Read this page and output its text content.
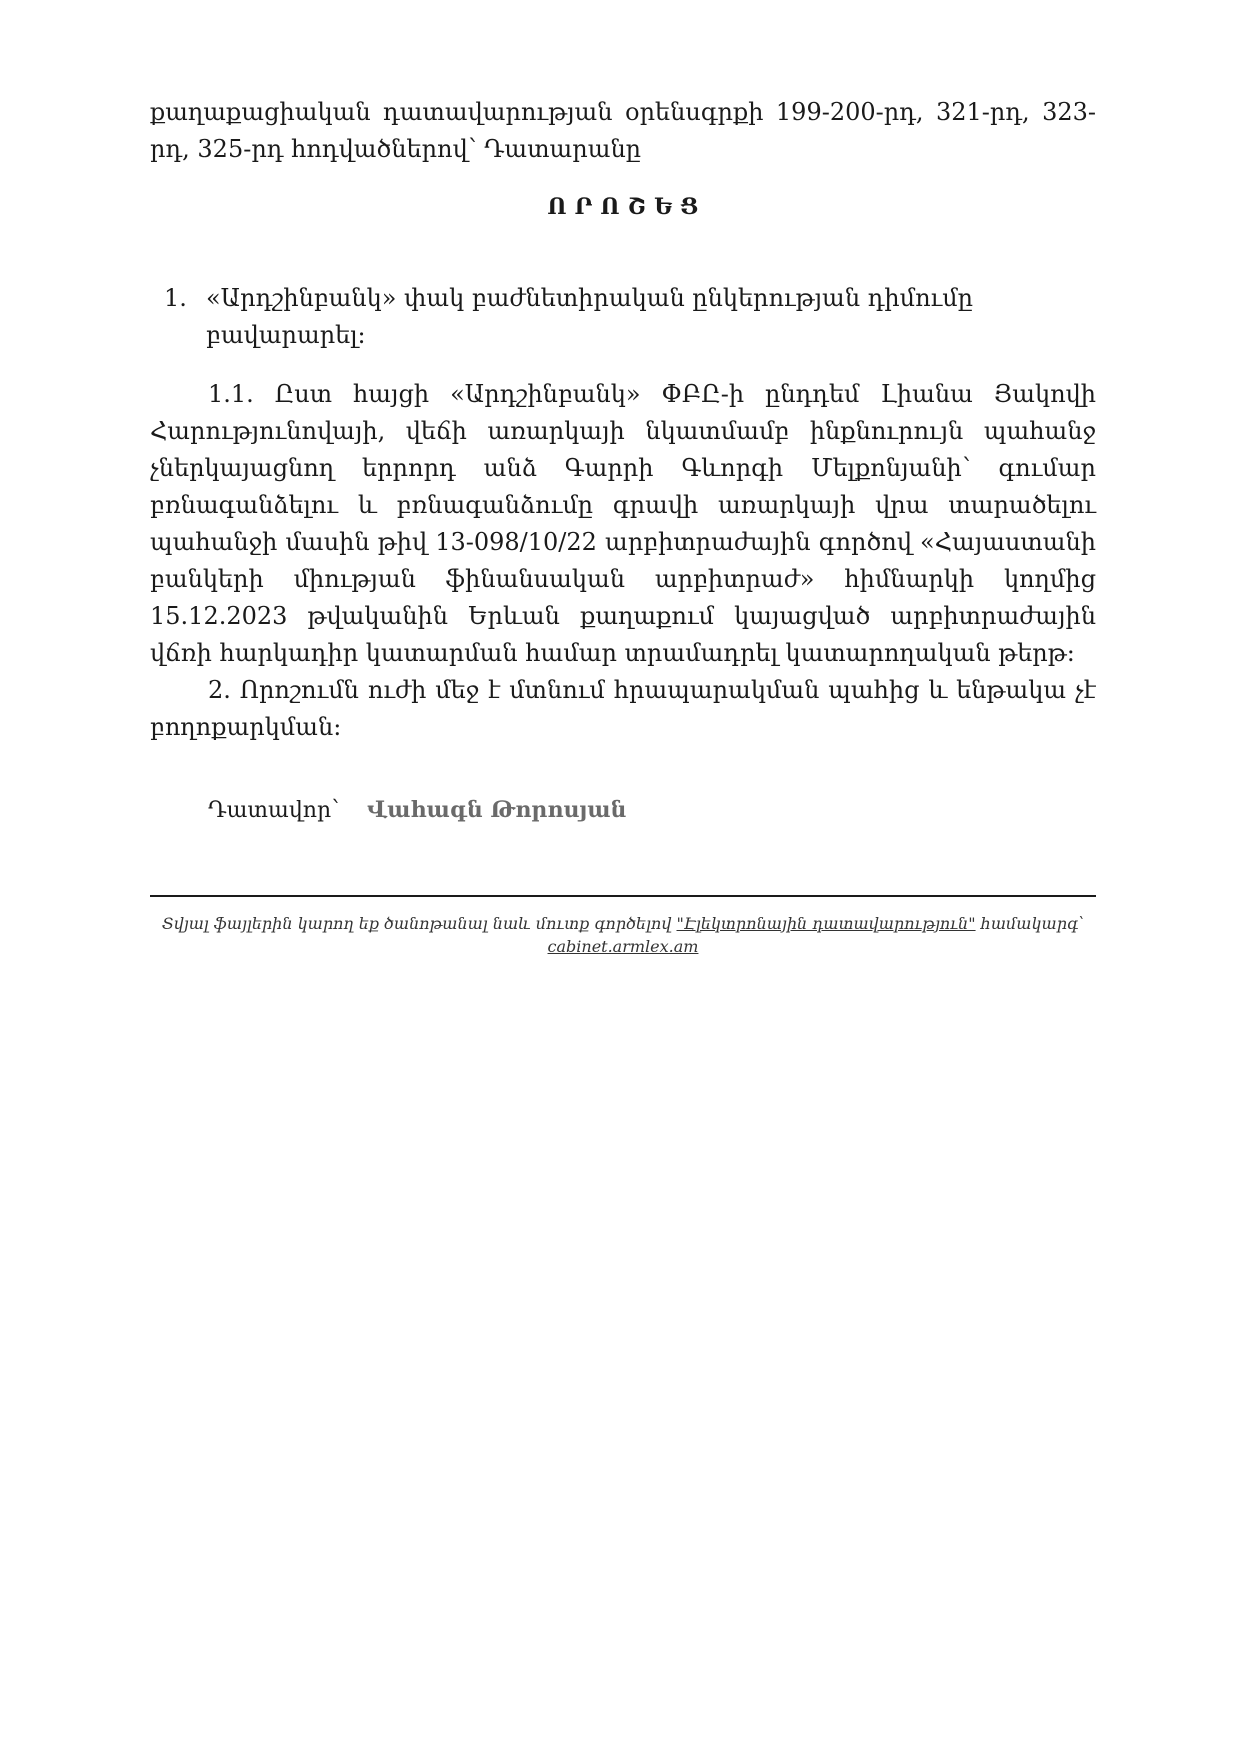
քաղաքացիական դատավարության օրենսգրքի 199-200-րդ, 321-րդ, 323-րդ, 325-րդ հոդվածներով՝ Դատարանը

ՈՐՈՇԵՑ
1. «Արդշինբանկ» փակ բաժնետիրական ընկերության դիմումը բավարարել:

1.1. Ըստ հայցի «Արդշինբանկ» ՓԲԸ-ի ընդդեմ Լիանա Յակովի Հարությունովայի, վեճի առարկայի նկատմամբ ինքնուրույն պահանջ չներկայացնող երրորդ անձ Գարրի Գևորգի Մելքոնյանի՝ գումար բռնագանձելու և բռնագանձումը գրավի առարկայի վրա տարածելու պահանջի մասին թիվ 13-098/10/22 արբիտրաժային գործով «Հայաստանի բանկերի միության ֆինանսական արբիտրաժ» հիմնարկի կողմից 15.12.2023 թվականին Երևան քաղաքում կայացված արբիտրաժային վճռի հարկադիր կատարման համար տրամադրել կատարողական թերթ:

2. Որոշումն ուժի մեջ է մտնում հրապարակման պահից և ենթակա չէ բողոքարկման:

Դատավոր՝ Վահագն Թորոսյան
Տվյալ ֆայլերին կարող եք ծանոթանալ նաև մուտք գործելով "Էլեկտրոնային դատավարություն" համակարգ՝
cabinet.armlex.am
